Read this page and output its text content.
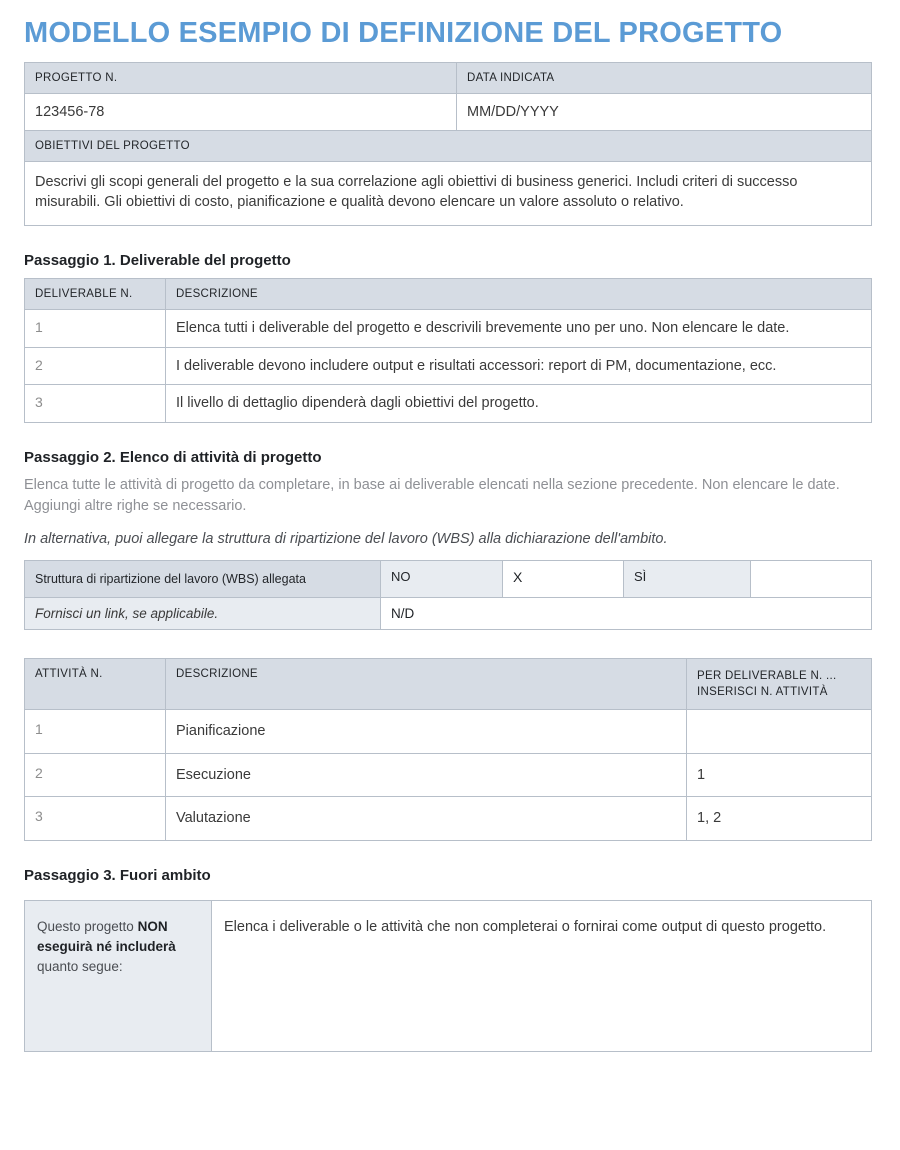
MODELLO ESEMPIO DI DEFINIZIONE DEL PROGETTO
PROGETTO N.	DATA INDICATA
123456-78	MM/DD/YYYY
OBIETTIVI DEL PROGETTO	
Descrivi gli scopi generali del progetto e la sua correlazione agli obiettivi di business generici. Includi criteri di successo misurabili. Gli obiettivi di costo, pianificazione e qualità devono elencare un valore assoluto o relativo.	
Passaggio 1. Deliverable del progetto
DELIVERABLE N.	DESCRIZIONE
1	Elenca tutti i deliverable del progetto e descrivili brevemente uno per uno. Non elencare le date.
2	I deliverable devono includere output e risultati accessori: report di PM, documentazione, ecc.
3	Il livello di dettaglio dipenderà dagli obiettivi del progetto.
Passaggio 2. Elenco di attività di progetto

Elenca tutte le attività di progetto da completare, in base ai deliverable elencati nella sezione precedente. Non elencare le date. Aggiungi altre righe se necessario.

In alternativa, puoi allegare la struttura di ripartizione del lavoro (WBS) alla dichiarazione dell'ambito.

Struttura di ripartizione del lavoro (WBS) allegata	NO	X	SÌ	
Fornisci un link, se applicabile.	N/D			
ATTIVITÀ N.	DESCRIZIONE	PER DELIVERABLE N. ...
INSERISCI N. ATTIVITÀ
1	Pianificazione	
2	Esecuzione	1
3	Valutazione	1, 2
Passaggio 3. Fuori ambito
Questo progetto NON eseguirà né includerà quanto segue:	Elenca i deliverable o le attività che non completerai o fornirai come output di questo progetto.
